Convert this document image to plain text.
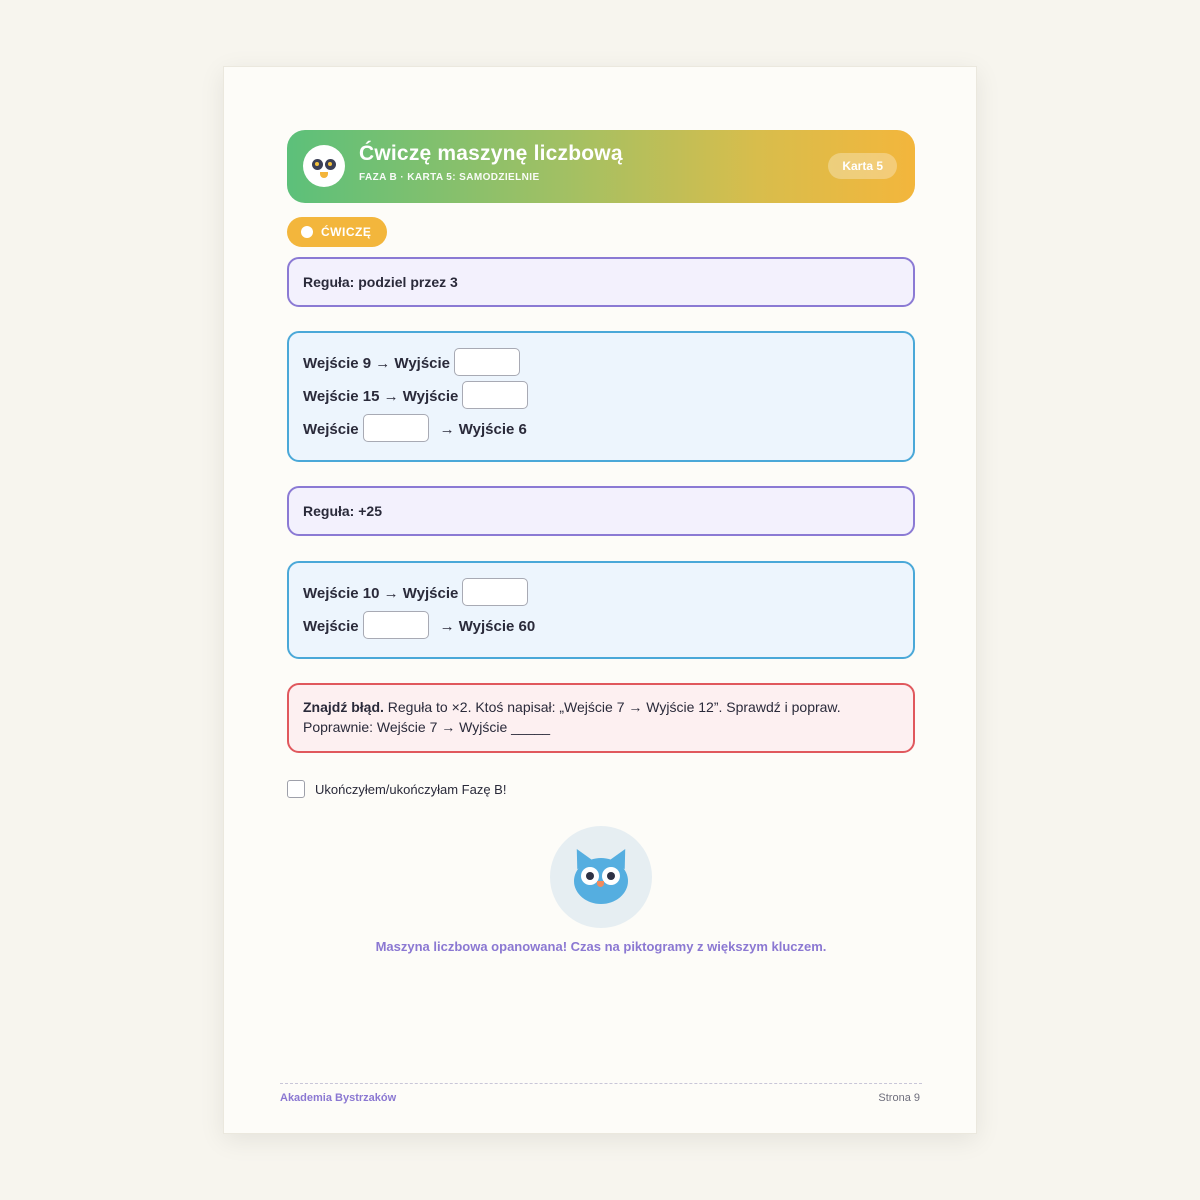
Ćwiczę maszynę liczbową
FAZA B · KARTA 5: SAMODZIELNIE
Karta 5
ĆWICZĘ
Reguła: podziel przez 3
Wejście 9 → Wyjście
Wejście 15 → Wyjście
Wejście	→ Wyjście 6
Reguła: +25
Wejście 10 → Wyjście
Wejście	→ Wyjście 60
Znajdź błąd. Reguła to ×2. Ktoś napisał: „Wejście 7 → Wyjście 12”. Sprawdź i popraw.
Poprawnie: Wejście 7 → Wyjście _____
Ukończyłem/ukończyłam Fazę B!
Maszyna liczbowa opanowana! Czas na piktogramy z większym kluczem.
Akademia Bystrzaków	Strona 9
